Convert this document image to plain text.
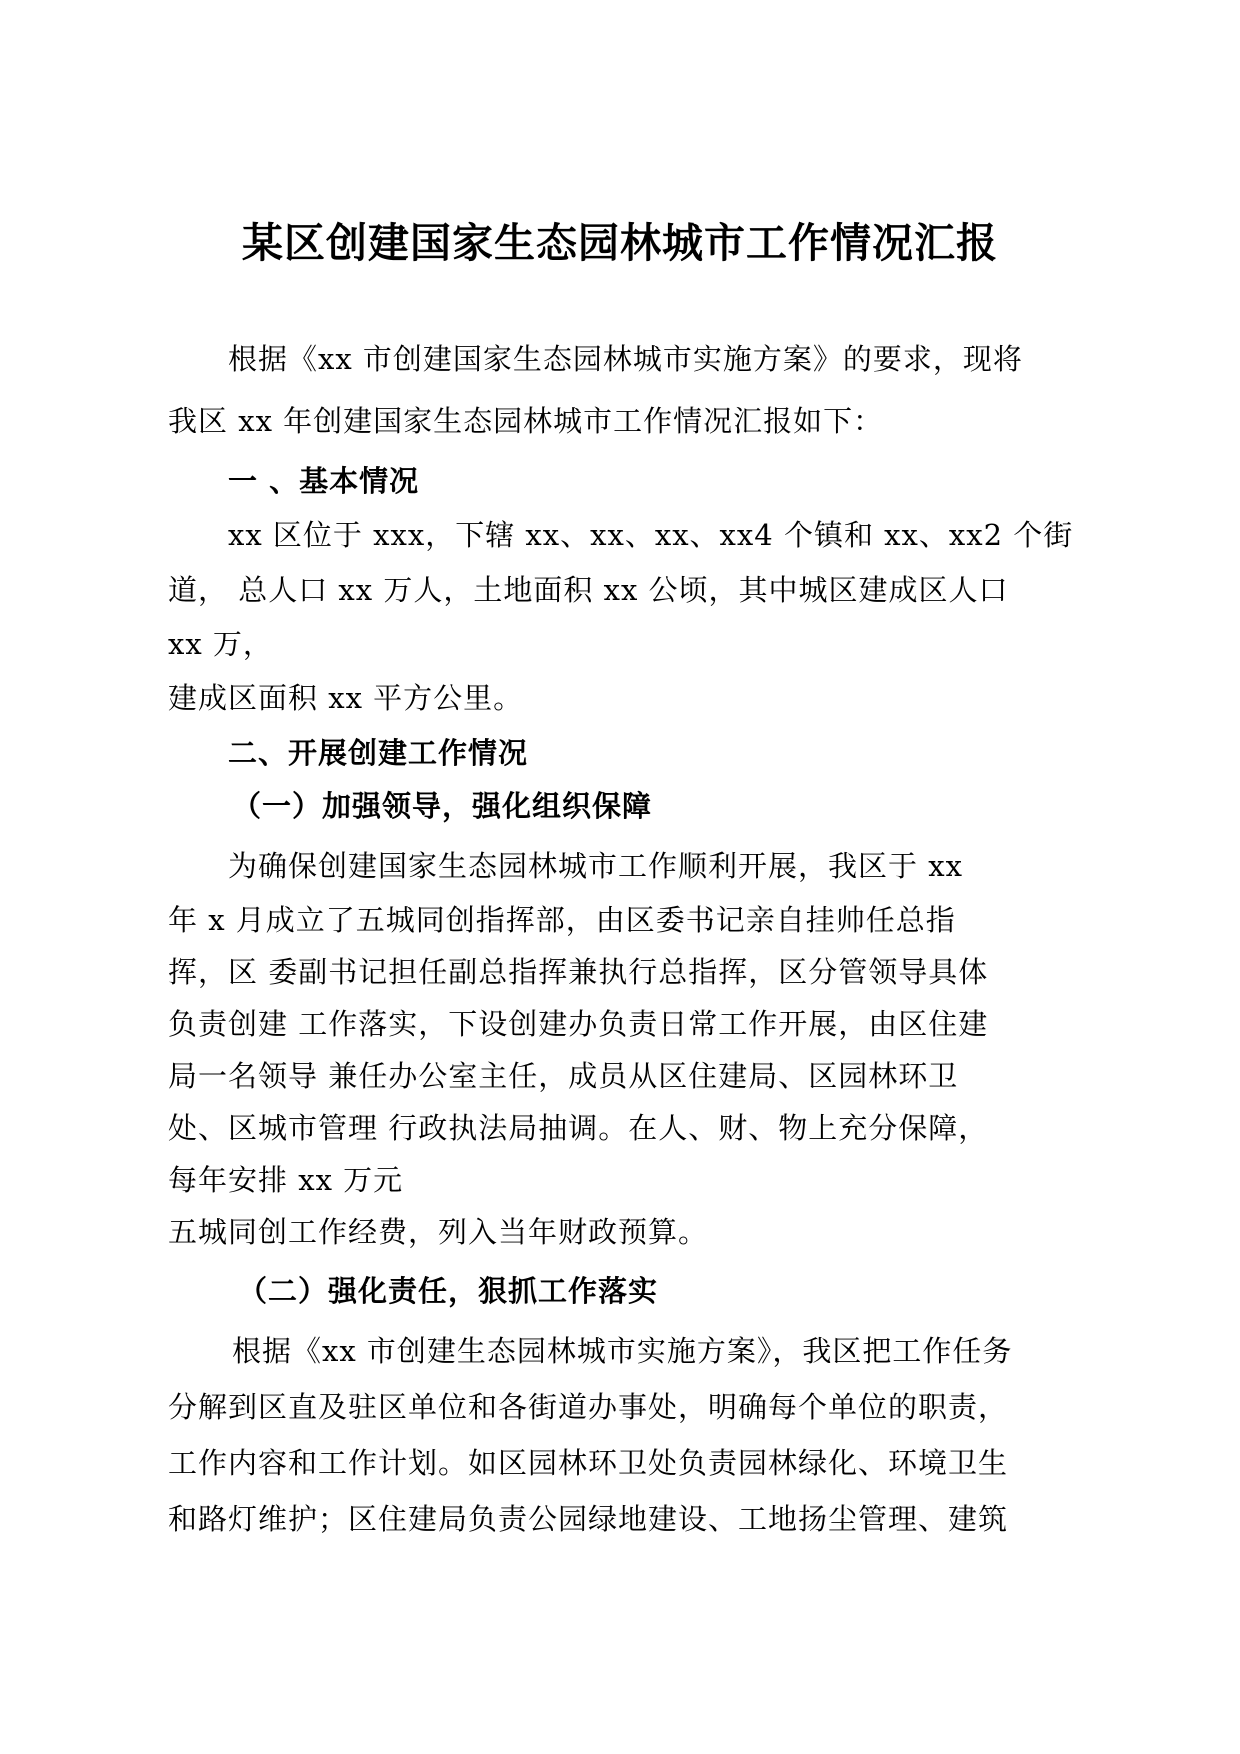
某区创建国家生态园林城市工作情况汇报
根据《xx 市创建国家生态园林城市实施方案》的要求，现将
我区 xx 年创建国家生态园林城市工作情况汇报如下：
一 、基本情况
xx 区位于 xxx，下辖 xx、xx、xx、xx4 个镇和 xx、xx2 个街
道， 总人口 xx 万人，土地面积 xx 公顷，其中城区建成区人口
xx 万，
建成区面积 xx 平方公里。
二、开展创建工作情况
（一）加强领导，强化组织保障
为确保创建国家生态园林城市工作顺利开展，我区于 xx
年 x 月成立了五城同创指挥部，由区委书记亲自挂帅任总指
挥，区 委副书记担任副总指挥兼执行总指挥，区分管领导具体
负责创建 工作落实，下设创建办负责日常工作开展，由区住建
局一名领导 兼任办公室主任，成员从区住建局、区园林环卫
处、区城市管理 行政执法局抽调。在人、财、物上充分保障，
每年安排 xx 万元
五城同创工作经费，列入当年财政预算。
（二）强化责任，狠抓工作落实
根据《xx 市创建生态园林城市实施方案》，我区把工作任务
分解到区直及驻区单位和各街道办事处，明确每个单位的职责，
工作内容和工作计划。如区园林环卫处负责园林绿化、环境卫生
和路灯维护；区住建局负责公园绿地建设、工地扬尘管理、建筑
